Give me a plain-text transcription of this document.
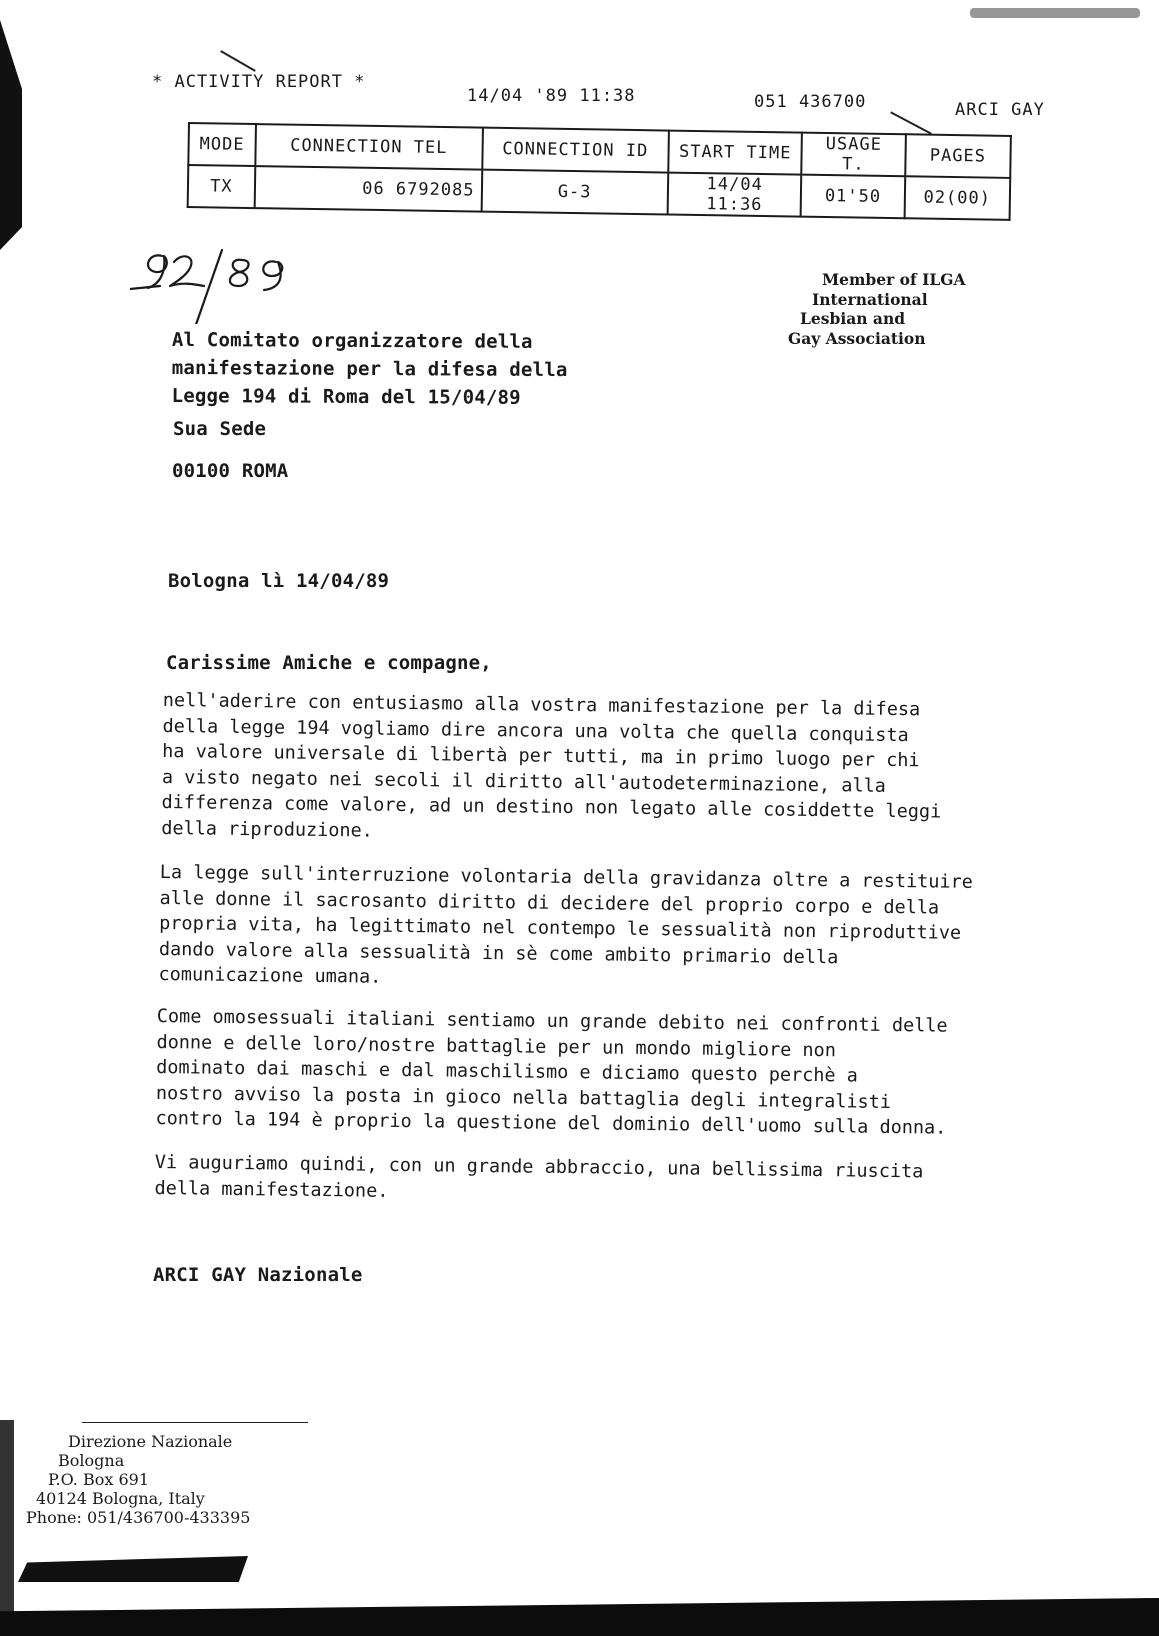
* ACTIVITY REPORT *
14/04 '89 11:38	051 436700	ARCI GAY
MODE	CONNECTION TEL	CONNECTION ID	START TIME	USAGE T.	PAGES
TX	06 6792085	G-3	14/04 11:36	01'50	02(00)
Member of ILGA
International
Lesbian and
Gay Association
Al Comitato organizzatore della
manifestazione per la difesa della
Legge 194 di Roma del 15/04/89
Sua Sede
00100 ROMA
Bologna lì 14/04/89
Carissime Amiche e compagne,
nell'aderire con entusiasmo alla vostra manifestazione per la difesa
della legge 194 vogliamo dire ancora una volta che quella conquista
ha valore universale di libertà per tutti, ma in primo luogo per chi
a visto negato nei secoli il diritto all'autodeterminazione, alla
differenza come valore, ad un destino non legato alle cosiddette leggi
della riproduzione.
La legge sull'interruzione volontaria della gravidanza oltre a restituire
alle donne il sacrosanto diritto di decidere del proprio corpo e della
propria vita, ha legittimato nel contempo le sessualità non riproduttive
dando valore alla sessualità in sè come ambito primario della
comunicazione umana.
Come omosessuali italiani sentiamo un grande debito nei confronti delle
donne e delle loro/nostre battaglie per un mondo migliore non
dominato dai maschi e dal maschilismo e diciamo questo perchè a
nostro avviso la posta in gioco nella battaglia degli integralisti
contro la 194 è proprio la questione del dominio dell'uomo sulla donna.
Vi auguriamo quindi, con un grande abbraccio, una bellissima riuscita
della manifestazione.
ARCI GAY Nazionale
Direzione Nazionale
Bologna
P.O. Box 691
40124 Bologna, Italy
Phone: 051/436700-433395
